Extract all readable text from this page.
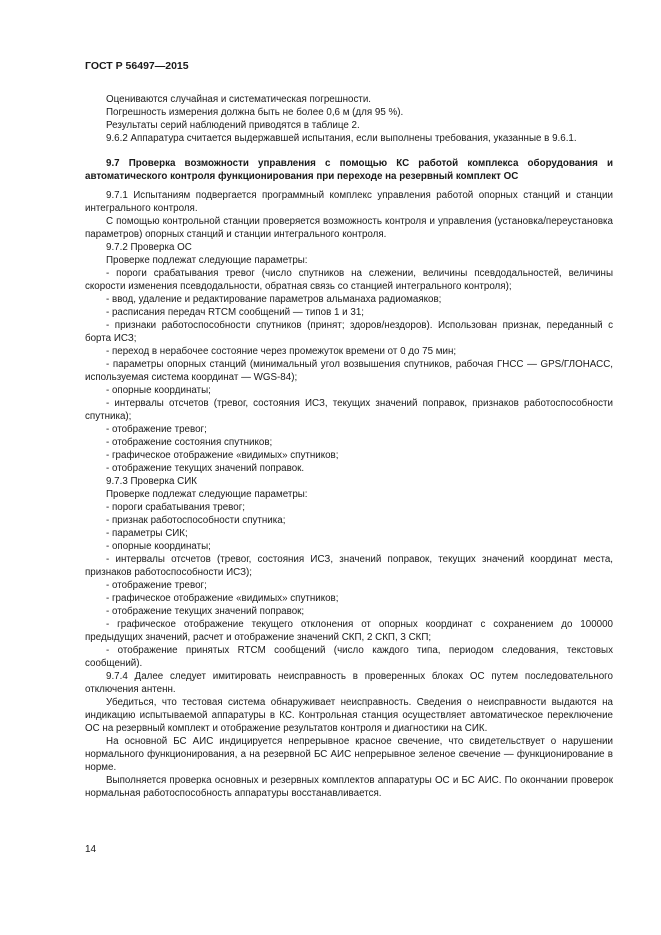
ГОСТ Р 56497—2015

Оцениваются случайная и систематическая погрешности.

Погрешность измерения должна быть не более 0,6 м (для 95 %).

Результаты серий наблюдений приводятся в таблице 2.

9.6.2 Аппаратура считается выдержавшей испытания, если выполнены требования, указанные в 9.6.1.

9.7 Проверка возможности управления с помощью КС работой комплекса оборудования и автоматического контроля функционирования при переходе на резервный комплект ОС

9.7.1 Испытаниям подвергается программный комплекс управления работой опорных станций и станции интегрального контроля.

С помощью контрольной станции проверяется возможность контроля и управления (установка/переустановка параметров) опорных станций и станции интегрального контроля.

9.7.2 Проверка ОС

Проверке подлежат следующие параметры:

- пороги срабатывания тревог (число спутников на слежении, величины псевдодальностей, величины скорости изменения псевдодальности, обратная связь со станцией интегрального контроля);

- ввод, удаление и редактирование параметров альманаха радиомаяков;

- расписания передач RTCM сообщений — типов 1 и 31;

- признаки работоспособности спутников (принят; здоров/нездоров). Использован признак, переданный с борта ИСЗ;

- переход в нерабочее состояние через промежуток времени от 0 до 75 мин;

- параметры опорных станций (минимальный угол возвышения спутников, рабочая ГНСС — GPS/ГЛОНАСС, используемая система координат — WGS-84);

- опорные координаты;

- интервалы отсчетов (тревог, состояния ИСЗ, текущих значений поправок, признаков работоспособности спутника);

- отображение тревог;

- отображение состояния спутников;

- графическое отображение «видимых» спутников;

- отображение текущих значений поправок.

9.7.3 Проверка СИК

Проверке подлежат следующие параметры:

- пороги срабатывания тревог;

- признак работоспособности спутника;

- параметры СИК;

- опорные координаты;

- интервалы отсчетов (тревог, состояния ИСЗ, значений поправок, текущих значений координат места, признаков работоспособности ИСЗ);

- отображение тревог;

- графическое отображение «видимых» спутников;

- отображение текущих значений поправок;

- графическое отображение текущего отклонения от опорных координат с сохранением до 100000 предыдущих значений, расчет и отображение значений СКП, 2 СКП, 3 СКП;

- отображение принятых RTCM сообщений (число каждого типа, периодом следования, текстовых сообщений).

9.7.4 Далее следует имитировать неисправность в проверенных блоках ОС путем последовательного отключения антенн.

Убедиться, что тестовая система обнаруживает неисправность. Сведения о неисправности выдаются на индикацию испытываемой аппаратуры в КС. Контрольная станция осуществляет автоматическое переключение ОС на резервный комплект и отображение результатов контроля и диагностики на СИК.

На основной БС АИС индицируется непрерывное красное свечение, что свидетельствует о нарушении нормального функционирования, а на резервной БС АИС непрерывное зеленое свечение — функционирование в норме.

Выполняется проверка основных и резервных комплектов аппаратуры ОС и БС АИС. По окончании проверок нормальная работоспособность аппаратуры восстанавливается.

14
